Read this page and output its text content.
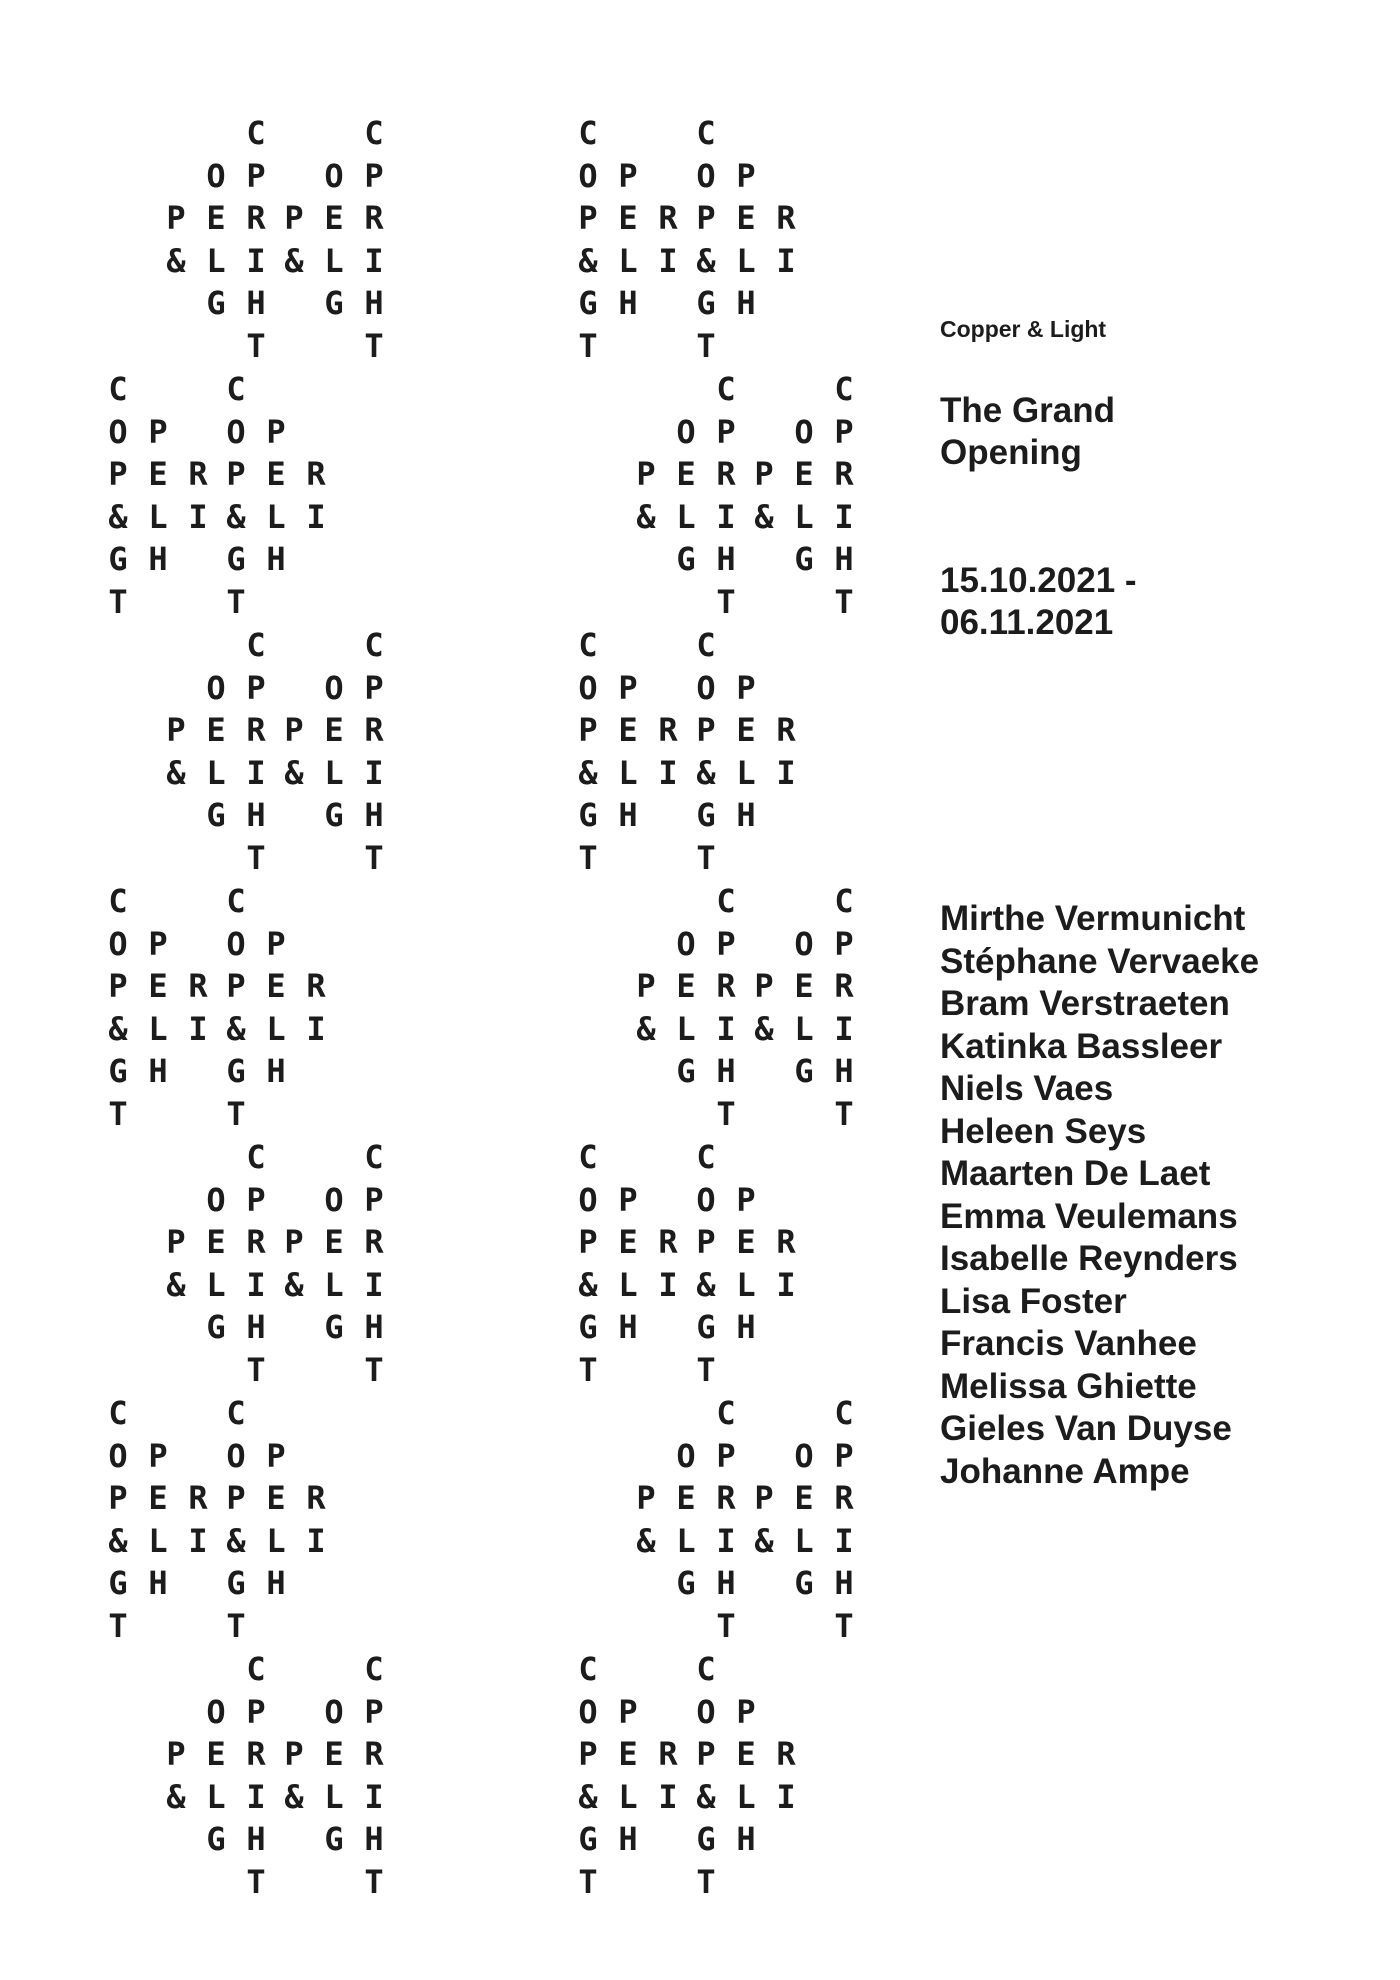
C	C
O P O P
P E R P E R
& L I & L I
G H G H
T	T
C	C
O P O P
P E R P E R
& L I & L I
G H G H
T	T
C	C
O P O P
P E R P E R
& L I & L I
G H G H
T	T
C	C
O P O P
P E R P E R
& L I & L I
G H G H
T	T
C	C
O P O P
P E R P E R
& L I & L I
G H G H
T	T
C	C
O P O P
P E R P E R
& L I & L I
G H G H
T	T
C	C
O P O P
P E R P E R
& L I & L I
G H G H
T	T
C	C
O P O P
P E R P E R
& L I & L I
G H G H
T	T
C	C
O P O P
P E R P E R
& L I & L I
G H G H
T	T
C	C
O P O P
P E R P E R
& L I & L I
G H G H
T	T
C	C
O P O P
P E R P E R
& L I & L I
G H G H
T	T
C	C
O P O P
P E R P E R
& L I & L I
G H G H
T	T
C	C
O P O P
P E R P E R
& L I & L I
G H G H
T	T
C	C
O P O P
P E R P E R
& L I & L I
G H G H
T	T
Copper & Light
The Grand Opening
15.10.2021 - 06.11.2021
Mirthe Vermunicht
Stéphane Vervaeke
Bram Verstraeten
Katinka Bassleer
Niels Vaes
Heleen Seys
Maarten De Laet
Emma Veulemans
Isabelle Reynders
Lisa Foster
Francis Vanhee
Melissa Ghiette
Gieles Van Duyse
Johanne Ampe
